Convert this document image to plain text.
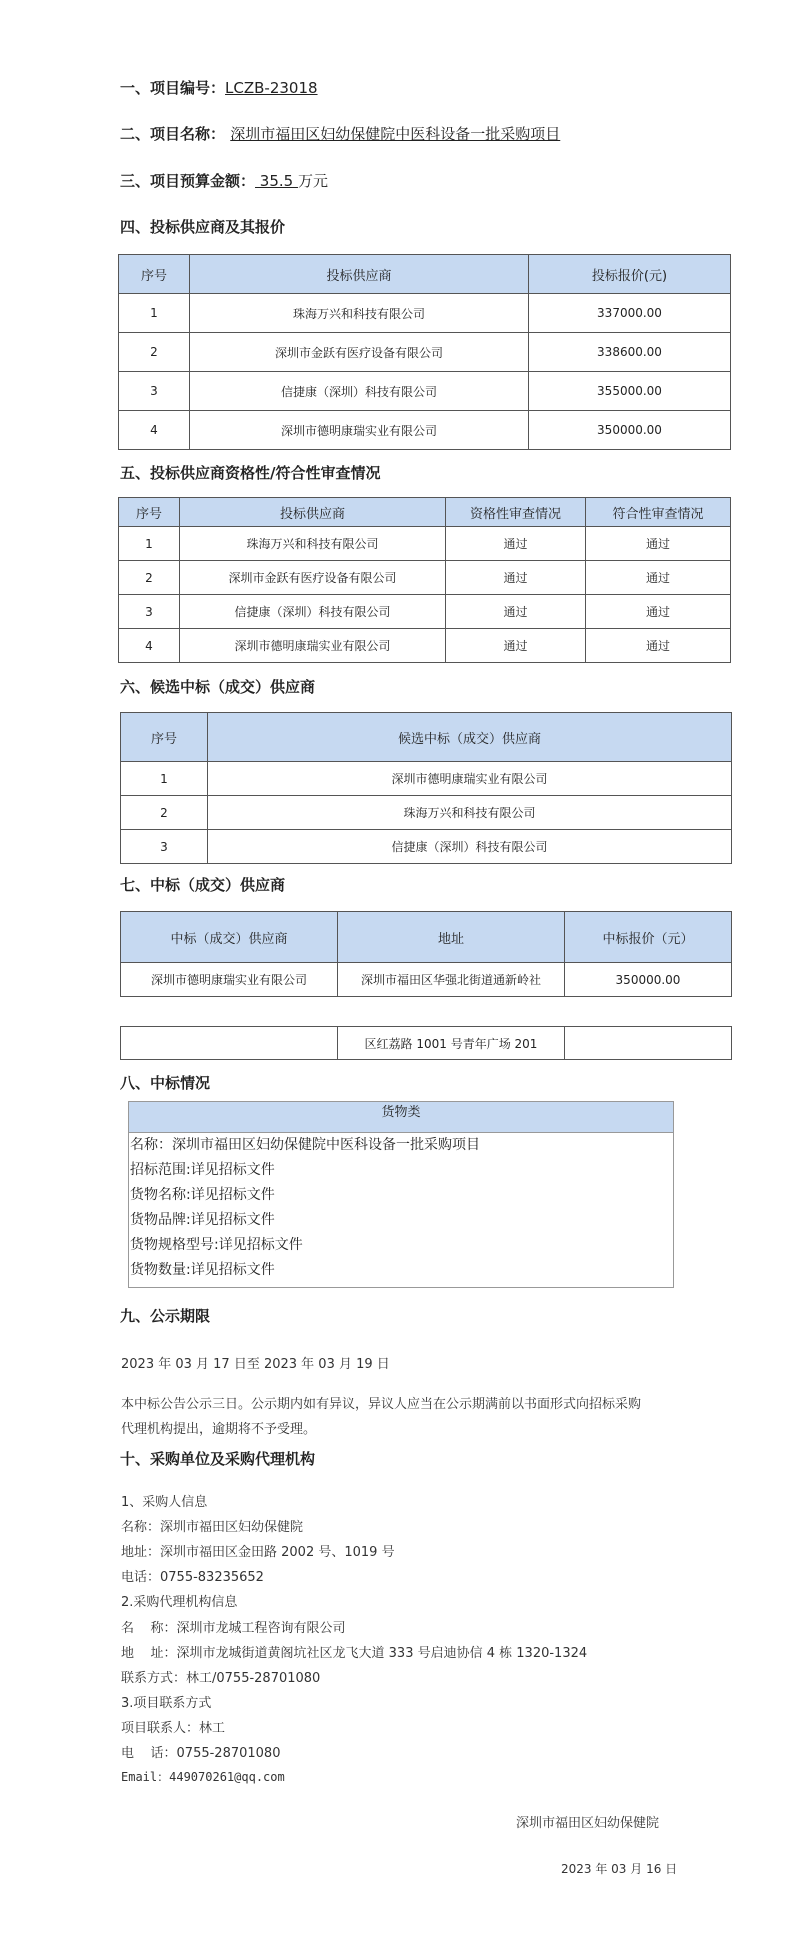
一、项目编号：LCZB-23018
二、项目名称： 深圳市福田区妇幼保健院中医科设备一批采购项目
三、项目预算金额： 35.5 万元
四、投标供应商及其报价
序号	投标供应商	投标报价(元)
1	珠海万兴和科技有限公司	337000.00
2	深圳市金跃有医疗设备有限公司	338600.00
3	信捷康（深圳）科技有限公司	355000.00
4	深圳市德明康瑞实业有限公司	350000.00
五、投标供应商资格性/符合性审查情况
序号	投标供应商	资格性审查情况	符合性审查情况
1	珠海万兴和科技有限公司	通过	通过
2	深圳市金跃有医疗设备有限公司	通过	通过
3	信捷康（深圳）科技有限公司	通过	通过
4	深圳市德明康瑞实业有限公司	通过	通过
六、候选中标（成交）供应商
序号	候选中标（成交）供应商
1	深圳市德明康瑞实业有限公司
2	珠海万兴和科技有限公司
3	信捷康（深圳）科技有限公司
七、中标（成交）供应商
中标（成交）供应商	地址	中标报价（元）
深圳市德明康瑞实业有限公司	深圳市福田区华强北街道通新岭社	350000.00
	区红荔路 1001 号青年广场 201	
八、中标情况
货物类
名称：深圳市福田区妇幼保健院中医科设备一批采购项目
招标范围:详见招标文件
货物名称:详见招标文件
货物品牌:详见招标文件
货物规格型号:详见招标文件
货物数量:详见招标文件
九、公示期限
2023 年 03 月 17 日至 2023 年 03 月 19 日
本中标公告公示三日。公示期内如有异议，异议人应当在公示期满前以书面形式向招标采购
代理机构提出，逾期将不予受理。
十、采购单位及采购代理机构
1、采购人信息
名称：深圳市福田区妇幼保健院
地址：深圳市福田区金田路 2002 号、1019 号
电话：0755-83235652
2.采购代理机构信息
名    称：深圳市龙城工程咨询有限公司
地    址：深圳市龙城街道黄阁坑社区龙飞大道 333 号启迪协信 4 栋 1320-1324
联系方式：林工/0755-28701080
3.项目联系方式
项目联系人：林工
电    话：0755-28701080
Email：449070261@qq.com
深圳市福田区妇幼保健院
2023 年 03 月 16 日
